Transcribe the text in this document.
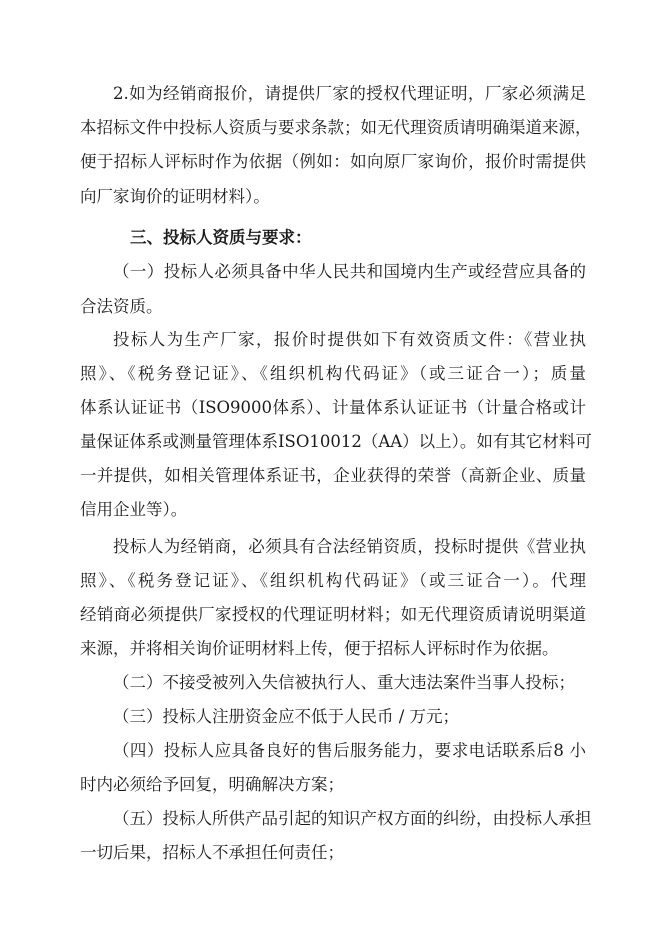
2.如为经销商报价，请提供厂家的授权代理证明，厂家必须满足
本招标文件中投标人资质与要求条款；如无代理资质请明确渠道来源，
便于招标人评标时作为依据（例如：如向原厂家询价，报价时需提供
向厂家询价的证明材料）。
三、投标人资质与要求：
（一）投标人必须具备中华人民共和国境内生产或经营应具备的
合法资质。
投标人为生产厂家，报价时提供如下有效资质文件：《营业执
照》、《税务登记证》、《组织机构代码证》（或三证合一）；质量
体系认证证书（ISO9000体系）、计量体系认证证书（计量合格或计
量保证体系或测量管理体系ISO10012（AA）以上）。如有其它材料可
一并提供，如相关管理体系证书，企业获得的荣誉（高新企业、质量
信用企业等）。
投标人为经销商，必须具有合法经销资质，投标时提供《营业执
照》、《税务登记证》、《组织机构代码证》（或三证合一）。代理
经销商必须提供厂家授权的代理证明材料；如无代理资质请说明渠道
来源，并将相关询价证明材料上传，便于招标人评标时作为依据。
（二）不接受被列入失信被执行人、重大违法案件当事人投标；
（三）投标人注册资金应不低于人民币 / 万元；
（四）投标人应具备良好的售后服务能力，要求电话联系后8 小
时内必须给予回复，明确解决方案；
（五）投标人所供产品引起的知识产权方面的纠纷，由投标人承担
一切后果，招标人不承担任何责任；
